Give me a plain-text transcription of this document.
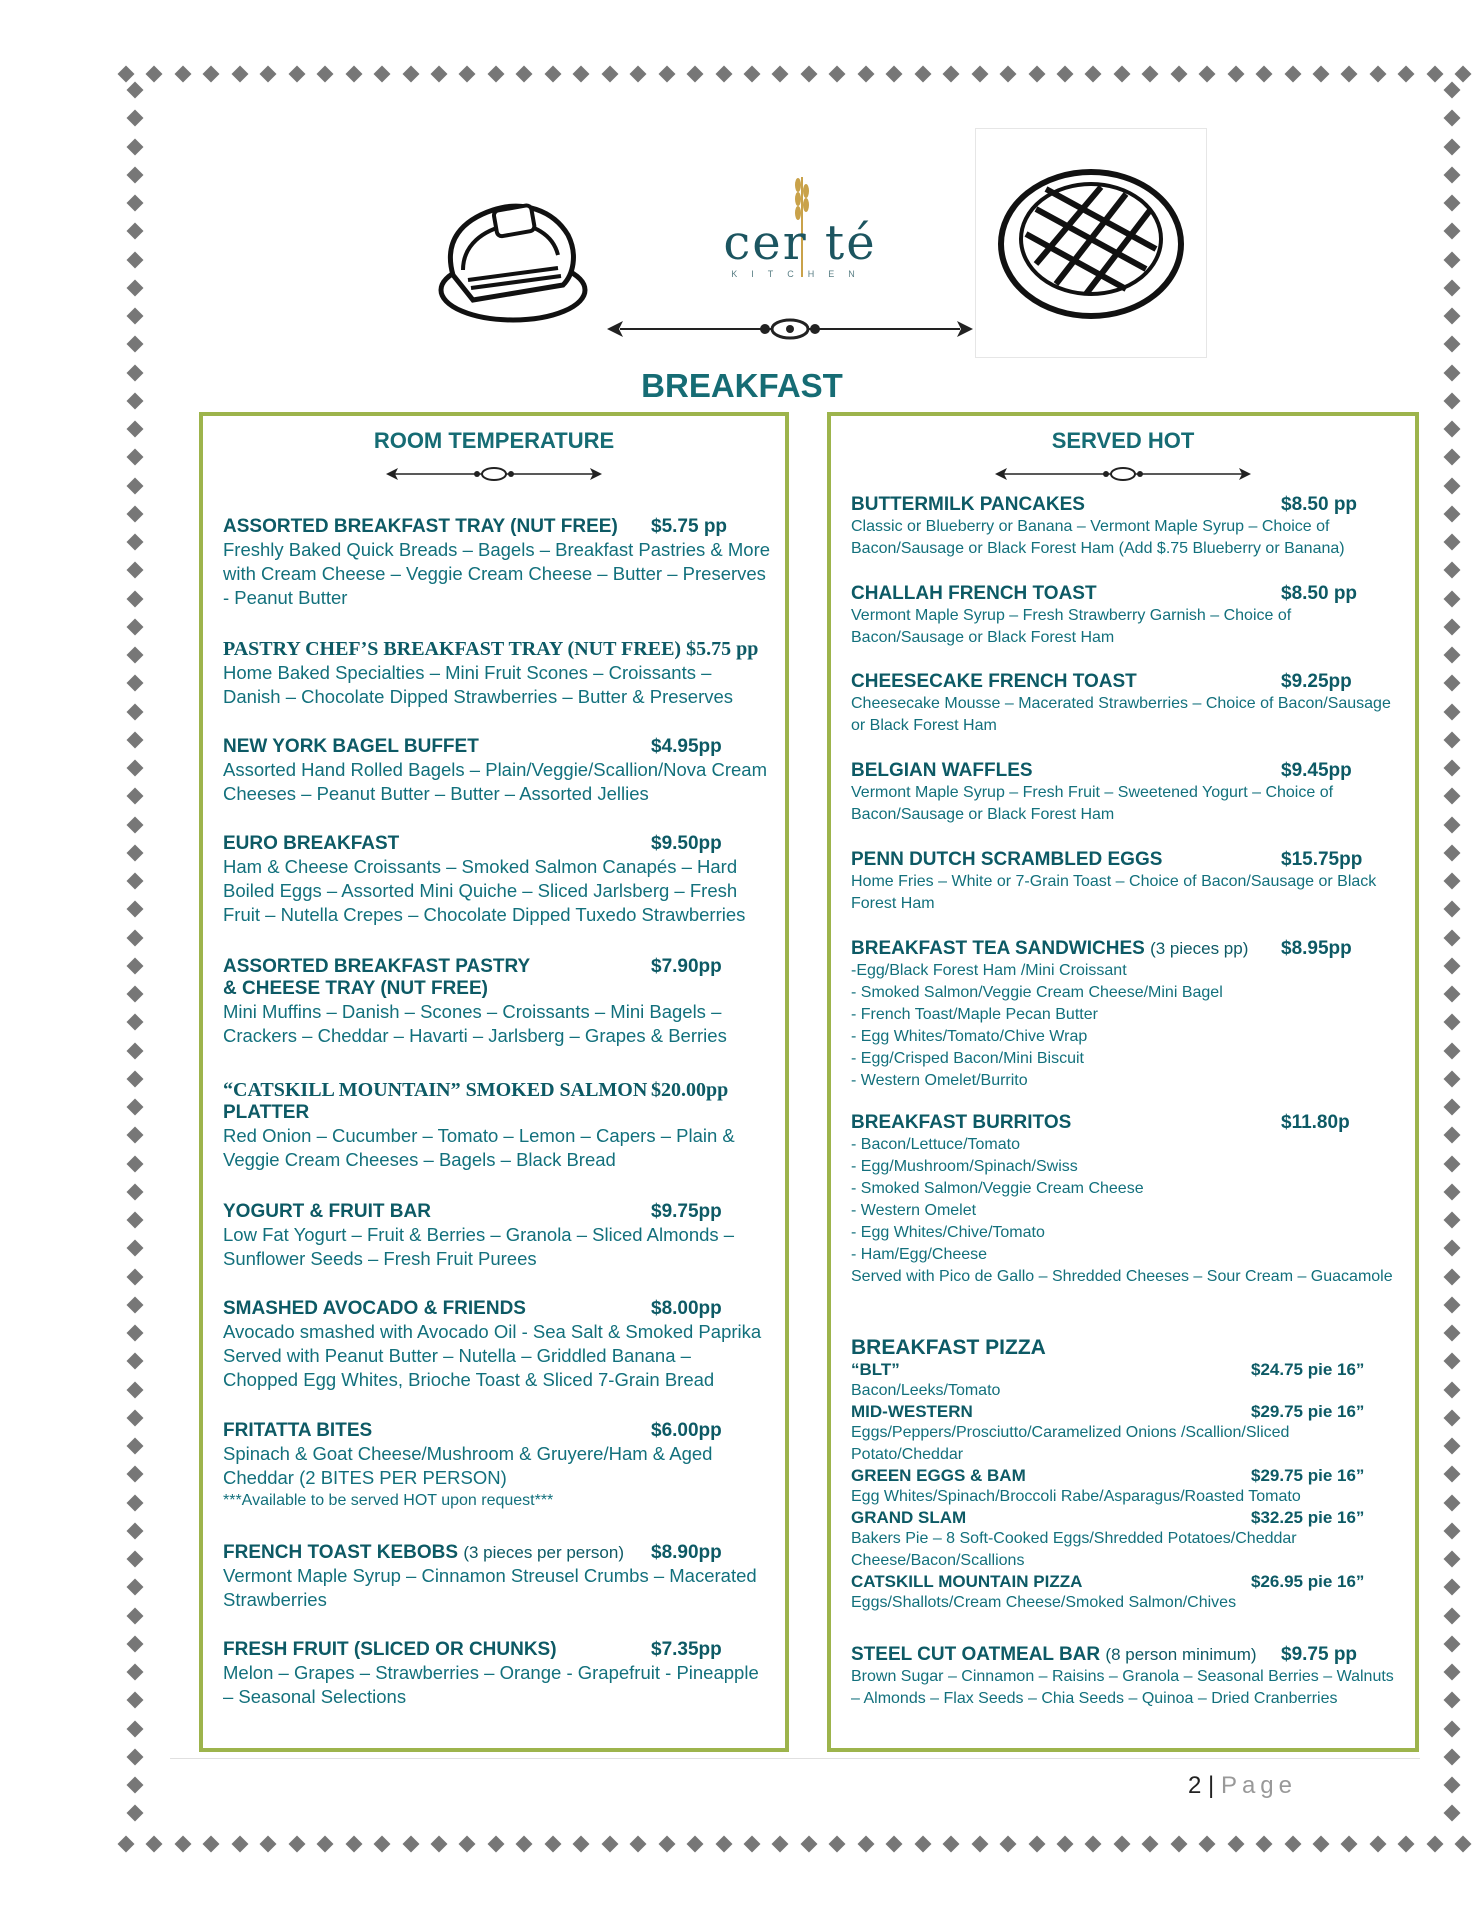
cer té
KITCHEN
BREAKFAST
ROOM TEMPERATURE
ASSORTED BREAKFAST TRAY (NUT FREE)	$5.75 pp
Freshly Baked Quick Breads – Bagels – Breakfast Pastries & More with Cream Cheese – Veggie Cream Cheese – Butter – Preserves - Peanut Butter
PASTRY CHEF’S BREAKFAST TRAY (NUT FREE) $5.75 pp
Home Baked Specialties – Mini Fruit Scones – Croissants – Danish – Chocolate Dipped Strawberries – Butter & Preserves
NEW YORK BAGEL BUFFET	$4.95pp
Assorted Hand Rolled Bagels – Plain/Veggie/Scallion/Nova Cream Cheeses – Peanut Butter – Butter – Assorted Jellies
EURO BREAKFAST	$9.50pp
Ham & Cheese Croissants – Smoked Salmon Canapés – Hard Boiled Eggs – Assorted Mini Quiche – Sliced Jarlsberg – Fresh Fruit – Nutella Crepes – Chocolate Dipped Tuxedo Strawberries
ASSORTED BREAKFAST PASTRY	$7.90pp
& CHEESE TRAY (NUT FREE)
Mini Muffins – Danish – Scones – Croissants – Mini Bagels – Crackers – Cheddar – Havarti – Jarlsberg – Grapes & Berries
“CATSKILL MOUNTAIN” SMOKED SALMON $20.00pp
PLATTER
Red Onion – Cucumber – Tomato – Lemon – Capers – Plain & Veggie Cream Cheeses – Bagels – Black Bread
YOGURT & FRUIT BAR	$9.75pp
Low Fat Yogurt – Fruit & Berries – Granola – Sliced Almonds – Sunflower Seeds – Fresh Fruit Purees
SMASHED AVOCADO & FRIENDS	$8.00pp
Avocado smashed with Avocado Oil - Sea Salt & Smoked Paprika Served with Peanut Butter – Nutella – Griddled Banana – Chopped Egg Whites, Brioche Toast & Sliced 7-Grain Bread
FRITATTA BITES	$6.00pp
Spinach & Goat Cheese/Mushroom & Gruyere/Ham & Aged Cheddar (2 BITES PER PERSON)
***Available to be served HOT upon request***
FRENCH TOAST KEBOBS (3 pieces per person)	$8.90pp
Vermont Maple Syrup – Cinnamon Streusel Crumbs – Macerated Strawberries
FRESH FRUIT (SLICED OR CHUNKS)	$7.35pp
Melon – Grapes – Strawberries – Orange - Grapefruit - Pineapple – Seasonal Selections
SERVED HOT
BUTTERMILK PANCAKES	$8.50 pp
Classic or Blueberry or Banana – Vermont Maple Syrup – Choice of Bacon/Sausage or Black Forest Ham (Add $.75 Blueberry or Banana)
CHALLAH FRENCH TOAST	$8.50 pp
Vermont Maple Syrup – Fresh Strawberry Garnish – Choice of Bacon/Sausage or Black Forest Ham
CHEESECAKE FRENCH TOAST	$9.25pp
Cheesecake Mousse – Macerated Strawberries – Choice of Bacon/Sausage or Black Forest Ham
BELGIAN WAFFLES	$9.45pp
Vermont Maple Syrup – Fresh Fruit – Sweetened Yogurt – Choice of Bacon/Sausage or Black Forest Ham
PENN DUTCH SCRAMBLED EGGS	$15.75pp
Home Fries – White or 7-Grain Toast – Choice of Bacon/Sausage or Black Forest Ham
BREAKFAST TEA SANDWICHES (3 pieces pp)	$8.95pp
-Egg/Black Forest Ham /Mini Croissant
- Smoked Salmon/Veggie Cream Cheese/Mini Bagel
- French Toast/Maple Pecan Butter
- Egg Whites/Tomato/Chive Wrap
- Egg/Crisped Bacon/Mini Biscuit
- Western Omelet/Burrito
BREAKFAST BURRITOS	$11.80p
- Bacon/Lettuce/Tomato
- Egg/Mushroom/Spinach/Swiss
- Smoked Salmon/Veggie Cream Cheese
- Western Omelet
- Egg Whites/Chive/Tomato
- Ham/Egg/Cheese
Served with Pico de Gallo – Shredded Cheeses – Sour Cream – Guacamole
BREAKFAST PIZZA
“BLT”	$24.75 pie 16”
Bacon/Leeks/Tomato
MID-WESTERN	$29.75 pie 16”
Eggs/Peppers/Prosciutto/Caramelized Onions /Scallion/Sliced Potato/Cheddar
GREEN EGGS & BAM	$29.75 pie 16”
Egg Whites/Spinach/Broccoli Rabe/Asparagus/Roasted Tomato
GRAND SLAM	$32.25 pie 16”
Bakers Pie – 8 Soft-Cooked Eggs/Shredded Potatoes/Cheddar Cheese/Bacon/Scallions
CATSKILL MOUNTAIN PIZZA	$26.95 pie 16”
Eggs/Shallots/Cream Cheese/Smoked Salmon/Chives
STEEL CUT OATMEAL BAR (8 person minimum)	$9.75 pp
Brown Sugar – Cinnamon – Raisins – Granola – Seasonal Berries – Walnuts – Almonds – Flax Seeds – Chia Seeds – Quinoa – Dried Cranberries
2 | Page
